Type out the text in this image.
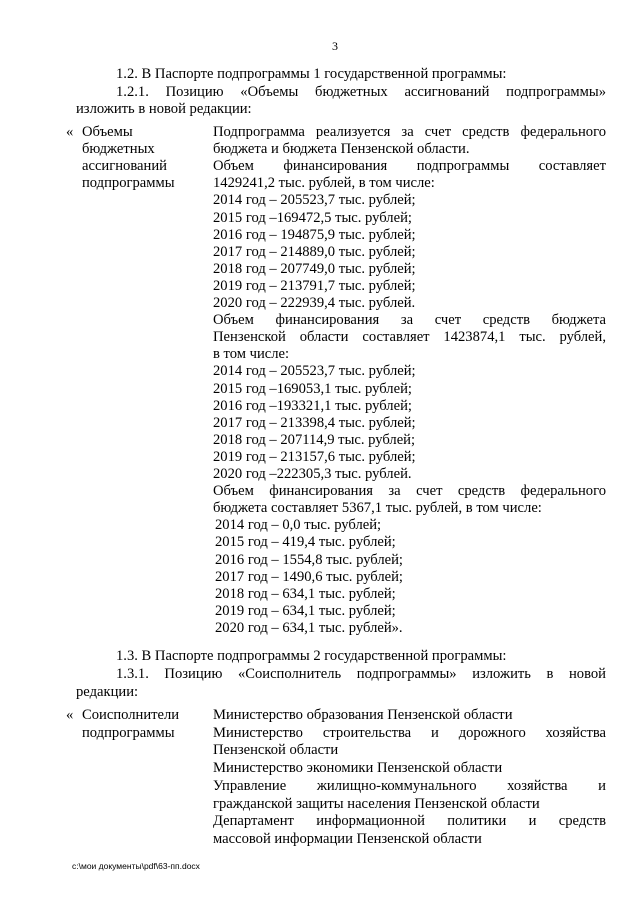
3
1.2. В Паспорте подпрограммы 1 государственной программы:
1.2.1. Позицию «Объемы бюджетных ассигнований подпрограммы»
изложить в новой редакции:
« Объемы
бюджетных
ассигнований
подпрограммы
Подпрограмма реализуется за счет средств федерального
бюджета и бюджета Пензенской области.
Объем финансирования подпрограммы составляет
1429241,2 тыс. рублей, в том числе:
2014 год – 205523,7 тыс. рублей;
2015 год –169472,5 тыс. рублей;
2016 год – 194875,9 тыс. рублей;
2017 год – 214889,0 тыс. рублей;
2018 год – 207749,0 тыс. рублей;
2019 год – 213791,7 тыс. рублей;
2020 год – 222939,4 тыс. рублей.
Объем финансирования за счет средств бюджета
Пензенской области составляет 1423874,1 тыс. рублей,
в том числе:
2014 год – 205523,7 тыс. рублей;
2015 год –169053,1 тыс. рублей;
2016 год –193321,1 тыс. рублей;
2017 год – 213398,4 тыс. рублей;
2018 год – 207114,9 тыс. рублей;
2019 год – 213157,6 тыс. рублей;
2020 год –222305,3 тыс. рублей.
Объем финансирования за счет средств федерального
бюджета составляет 5367,1 тыс. рублей, в том числе:
2014 год – 0,0 тыс. рублей;
2015 год – 419,4 тыс. рублей;
2016 год – 1554,8 тыс. рублей;
2017 год – 1490,6 тыс. рублей;
2018 год – 634,1 тыс. рублей;
2019 год – 634,1 тыс. рублей;
2020 год – 634,1 тыс. рублей».
1.3. В Паспорте подпрограммы 2 государственной программы:
1.3.1. Позицию «Соисполнитель подпрограммы» изложить в новой
редакции:
« Соисполнители
подпрограммы
Министерство образования Пензенской области
Министерство строительства и дорожного хозяйства
Пензенской области
Министерство экономики Пензенской области
Управление жилищно-коммунального хозяйства и
гражданской защиты населения Пензенской области
Департамент информационной политики и средств
массовой информации Пензенской области
c:\мои документы\pdf\63-пп.docx
